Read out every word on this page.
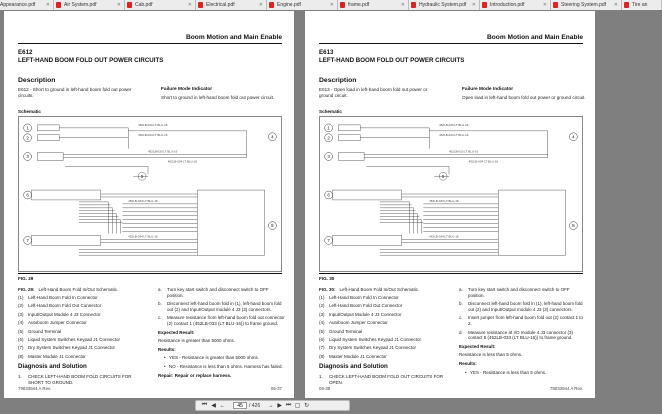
Appearance.pdf	✕	Air System.pdf	✕	Cab.pdf	✕	Electrical.pdf	✕	Engine.pdf	✕	frame.pdf	✕	Hydraulic System.pdf	✕	Introduction.pdf	✕	Steering System.pdf	✕	Tire an
Boom Motion and Main Enable
E612
LEFT-HAND BOOM FOLD OUT POWER CIRCUITS
Description
E612 - Short to ground in left-hand boom fold out power circuits.
Failure Mode Indicator
Short to ground in left-hand boom fold out power circuit.
Schematic
452LB-033 LT BLU-16
452LB-034 LT BLU-16
452LB-033 LT BLU-16
452LB-034 LT BLU-16
452LB-033 LT BLU-16
452LB-034 LT BLU-16
1
2
3
6
7
4
8
5
FIG. 29
FIG. 29: Left-Hand Boom Fold In/Out Schematic.
(1)	Left-Hand Boom Fold In Connector
(2)	Left-Hand Boom Fold Out Connector
(3)	Input/Output Module 4 J3 Connector
(4)	Autoboom Jumper Connector
(5)	Ground Terminal
(6)	Liquid System Switches Keypad J1 Connector
(7)	Dry System Switches Keypad J1 Connector
(8)	Master Module J1 Connector
Diagnosis and Solution
1.	CHECK LEFT-HAND BOOM FOLD CIRCUITS FOR SHORT TO GROUND.
a.	Turn key start switch and disconnect switch to OFF position.
b.	Disconnect left-hand boom fold in (1), left-hand boom fold out (2) and Input/Output module 4 J3 (3) connectors.
c.	Measure resistance from left-hand boom fold out connector (2) contact 1 (452LB-033 (LT BLU-16)) to frame ground.
Expected Result:
Resistance is greater than 5000 ohms.
Results:
• YES - Resistance is greater than 5000 ohms.
• NO - Resistance is less than 5 ohms. Harness has failed.
Repair: Repair or replace harness.
79033944 A Rev.	06-37
Boom Motion and Main Enable
E613
LEFT-HAND BOOM FOLD OUT POWER CIRCUITS
Description
E613 - Open load in left-hand boom fold out power or ground circuit.
Failure Mode Indicator
Open load in left-hand boom fold out power or ground circuit.
Schematic
452LB-033 LT BLU-16
452LB-034 LT BLU-16
452LB-033 LT BLU-16
452LB-034 LT BLU-16
452LB-033 LT BLU-16
452LB-034 LT BLU-16
1
2
3
6
7
4
8
5
FIG. 30
FIG. 30: Left-Hand Boom Fold In/Out Schematic.
(1)	Left-Hand Boom Fold In Connector
(2)	Left-Hand Boom Fold Out Connector
(3)	Input/Output Module 4 J3 Connector
(4)	Autoboom Jumper Connector
(5)	Ground Terminal
(6)	Liquid System Switches Keypad J1 Connector
(7)	Dry System Switches Keypad J1 Connector
(8)	Master Module J1 Connector
Diagnosis and Solution
1.	CHECK LEFT-HAND BOOM FOLD OUT CIRCUITS FOR OPEN.
a.	Turn key start switch and disconnect switch to OFF position.
b.	Disconnect left-hand boom fold in (1), left-hand boom fold out (2) and Input/Output module 4 J3 (3) connectors.
c.	Insert jumper from left-hand boom fold out (2) contact 1 to 2.
d.	Measure resistance at I/O module 4 J3 connector (3) contact 5 (452LB-033 (LT BLU-16)) to frame ground.
Expected Result:
Resistance is less than 5 ohms.
Results:
• YES - Resistance is less than 5 ohms.
06-38	79033944 A Rev.
⏮ ◀ ←
45	/ 426 → ▶ ⏭ ▢ ↻
